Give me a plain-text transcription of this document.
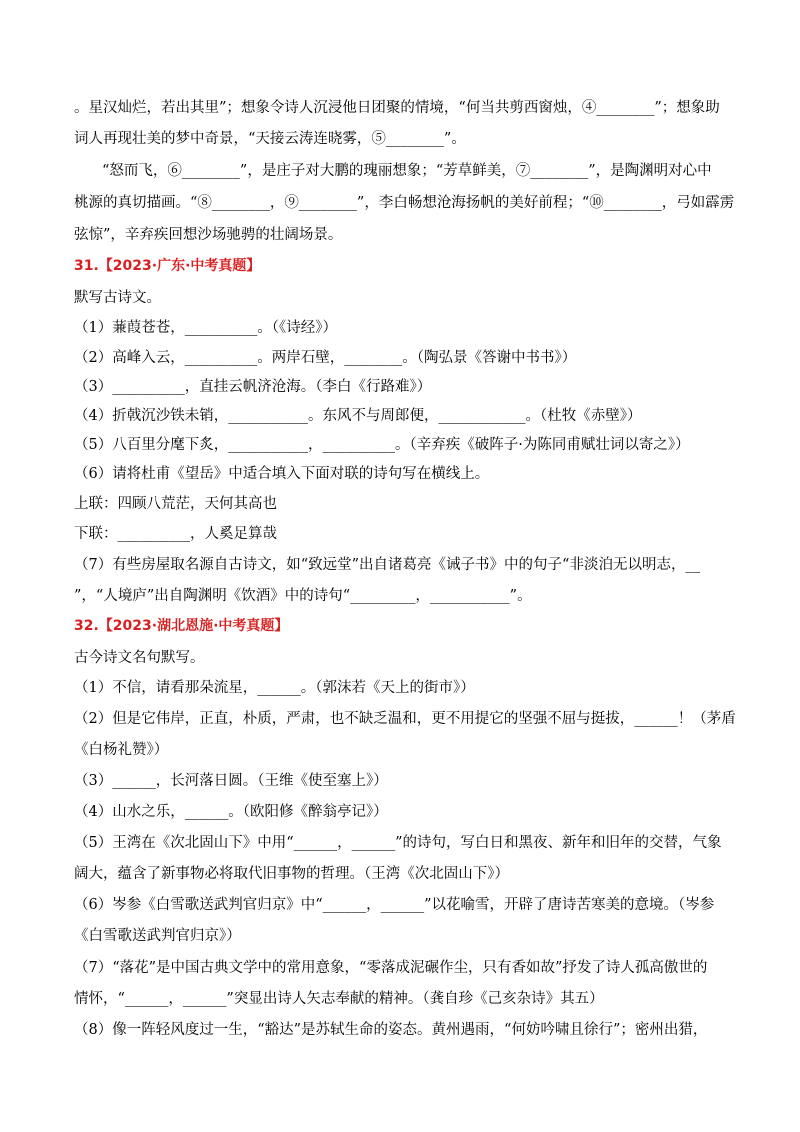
。星汉灿烂，若出其里”；想象令诗人沉浸他日团聚的情境，“何当共剪西窗烛，④________”；想象助
词人再现壮美的梦中奇景，“天接云涛连晓雾，⑤________”。
“怒而飞，⑥________”，是庄子对大鹏的瑰丽想象；“芳草鲜美，⑦________”，是陶渊明对心中
桃源的真切描画。“⑧________，⑨________”，李白畅想沧海扬帆的美好前程；“⑩________，弓如霹雳
弦惊”，辛弃疾回想沙场驰骋的壮阔场景。
31.【2023·广东·中考真题】
默写古诗文。
（1）蒹葭苍苍，__________。（《诗经》）
（2）高峰入云，__________。两岸石壁，________。（陶弘景《答谢中书书》）
（3）__________，直挂云帆济沧海。（李白《行路难》）
（4）折戟沉沙铁未销，___________。东风不与周郎便，____________。（杜牧《赤壁》）
（5）八百里分麾下炙，___________，__________。（辛弃疾《破阵子·为陈同甫赋壮词以寄之》）
（6）请将杜甫《望岳》中适合填入下面对联的诗句写在横线上。
上联：四顾八荒茫，天何其高也
下联：__________，人奚足算哉
（7）有些房屋取名源自古诗文，如“致远堂”出自诸葛亮《诫子书》中的句子“非淡泊无以明志，__
”，“人境庐”出自陶渊明《饮酒》中的诗句“_________，___________”。
32.【2023·湖北恩施·中考真题】
古今诗文名句默写。
（1）不信，请看那朵流星，______。（郭沫若《天上的街市》）
（2）但是它伟岸，正直，朴质，严肃，也不缺乏温和，更不用提它的坚强不屈与挺拔，______！（茅盾
《白杨礼赞》）
（3）______，长河落日圆。（王维《使至塞上》）
（4）山水之乐，______。（欧阳修《醉翁亭记》）
（5）王湾在《次北固山下》中用“______，______”的诗句，写白日和黑夜、新年和旧年的交替，气象
阔大，蕴含了新事物必将取代旧事物的哲理。（王湾《次北固山下》）
（6）岑参《白雪歌送武判官归京》中“______，______”以花喻雪，开辟了唐诗苦寒美的意境。（岑参
《白雪歌送武判官归京》）
（7）“落花”是中国古典文学中的常用意象，“零落成泥碾作尘，只有香如故”抒发了诗人孤高傲世的
情怀，“______，______”突显出诗人矢志奉献的精神。（龚自珍《己亥杂诗》其五）
（8）像一阵轻风度过一生，“豁达”是苏轼生命的姿态。黄州遇雨，“何妨吟啸且徐行”；密州出猎，
